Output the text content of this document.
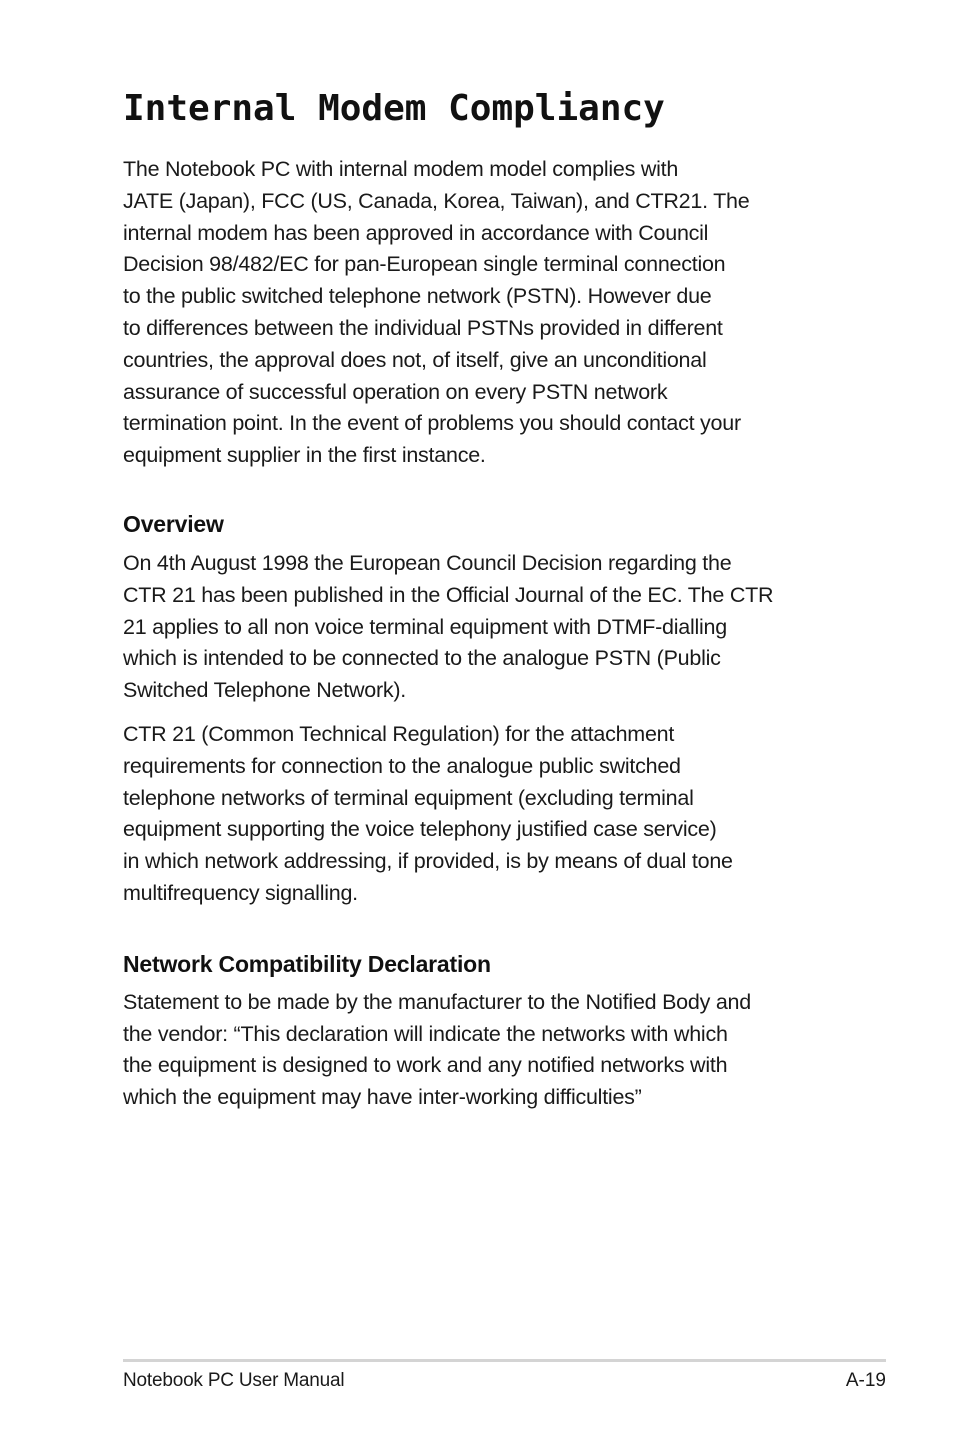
Internal Modem Compliancy

The Notebook PC with internal modem model complies with
JATE (Japan), FCC (US, Canada, Korea, Taiwan), and CTR21. The
internal modem has been approved in accordance with Council
Decision 98/482/EC for pan-European single terminal connection
to the public switched telephone network (PSTN). However due
to differences between the individual PSTNs provided in different
countries, the approval does not, of itself, give an unconditional
assurance of successful operation on every PSTN network
termination point. In the event of problems you should contact your
equipment supplier in the first instance.

Overview

On 4th August 1998 the European Council Decision regarding the
CTR 21 has been published in the Official Journal of the EC. The CTR
21 applies to all non voice terminal equipment with DTMF-dialling
which is intended to be connected to the analogue PSTN (Public
Switched Telephone Network).

CTR 21 (Common Technical Regulation) for the attachment
requirements for connection to the analogue public switched
telephone networks of terminal equipment (excluding terminal
equipment supporting the voice telephony justified case service)
in which network addressing, if provided, is by means of dual tone
multifrequency signalling.

Network Compatibility Declaration

Statement to be made by the manufacturer to the Notified Body and
the vendor: “This declaration will indicate the networks with which
the equipment is designed to work and any notified networks with
which the equipment may have inter-working difficulties”

Notebook PC User Manual	A-19
